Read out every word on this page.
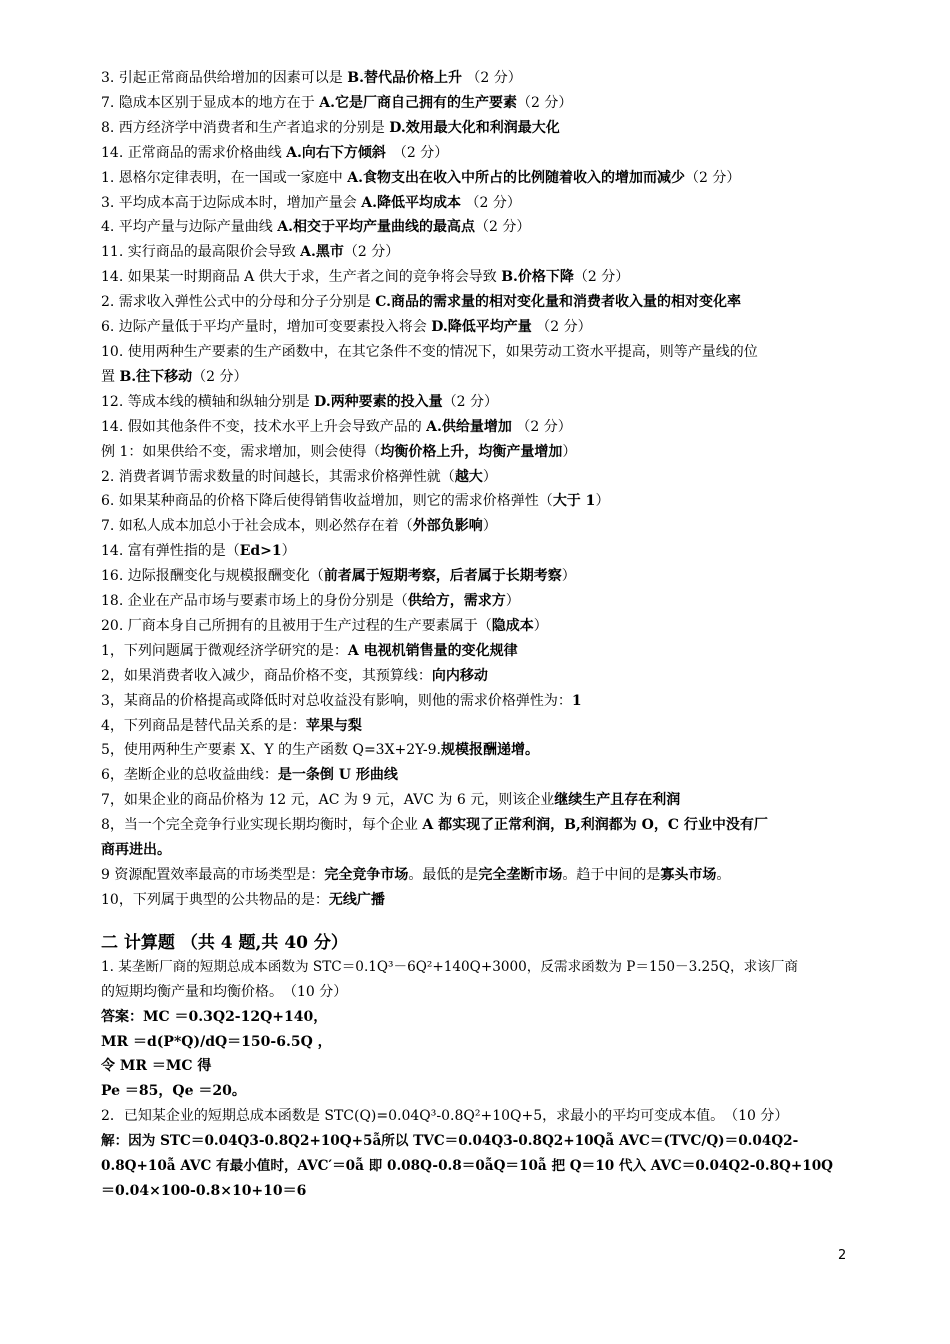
3. 引起正常商品供给增加的因素可以是 B.替代品价格上升 （2 分）
7. 隐成本区别于显成本的地方在于 A.它是厂商自己拥有的生产要素（2 分）
8. 西方经济学中消费者和生产者追求的分别是 D.效用最大化和利润最大化
14. 正常商品的需求价格曲线 A.向右下方倾斜　（2 分）
1. 恩格尔定律表明，在一国或一家庭中 A.食物支出在收入中所占的比例随着收入的增加而减少（2 分）
3. 平均成本高于边际成本时，增加产量会 A.降低平均成本 （2 分）
4. 平均产量与边际产量曲线 A.相交于平均产量曲线的最高点（2 分）
11. 实行商品的最高限价会导致 A.黑市（2 分）
14. 如果某一时期商品 A 供大于求，生产者之间的竞争将会导致 B.价格下降（2 分）
2. 需求收入弹性公式中的分母和分子分别是 C.商品的需求量的相对变化量和消费者收入量的相对变化率
6. 边际产量低于平均产量时，增加可变要素投入将会 D.降低平均产量 （2 分）
10. 使用两种生产要素的生产函数中，在其它条件不变的情况下，如果劳动工资水平提高，则等产量线的位
置 B.往下移动（2 分）
12. 等成本线的横轴和纵轴分别是 D.两种要素的投入量（2 分）
14. 假如其他条件不变，技术水平上升会导致产品的 A.供给量增加 （2 分）
例 1：如果供给不变，需求增加，则会使得（均衡价格上升，均衡产量增加）
2. 消费者调节需求数量的时间越长，其需求价格弹性就（越大）
6. 如果某种商品的价格下降后使得销售收益增加，则它的需求价格弹性（大于 1）
7. 如私人成本加总小于社会成本，则必然存在着（外部负影响）
14. 富有弹性指的是（Ed>1）
16. 边际报酬变化与规模报酬变化（前者属于短期考察，后者属于长期考察）
18. 企业在产品市场与要素市场上的身份分别是（供给方，需求方）
20. 厂商本身自己所拥有的且被用于生产过程的生产要素属于（隐成本）
1，下列问题属于微观经济学研究的是：A 电视机销售量的变化规律
2，如果消费者收入减少，商品价格不变，其预算线：向内移动
3，某商品的价格提高或降低时对总收益没有影响，则他的需求价格弹性为：1
4，下列商品是替代品关系的是：苹果与梨
5，使用两种生产要素 X、Y 的生产函数 Q=3X+2Y-9.规模报酬递增。
6，垄断企业的总收益曲线：是一条倒 U 形曲线
7，如果企业的商品价格为 12 元，AC 为 9 元，AVC 为 6 元，则该企业继续生产且存在利润
8，当一个完全竞争行业实现长期均衡时，每个企业 A 都实现了正常利润，B,利润都为 O，C 行业中没有厂
商再进出。
9 资源配置效率最高的市场类型是：完全竞争市场。最低的是完全垄断市场。趋于中间的是寡头市场。
10，下列属于典型的公共物品的是：无线广播
二 计算题 （共 4 题,共 40 分）
1. 某垄断厂商的短期总成本函数为 STC＝0.1Q³－6Q²+140Q+3000，反需求函数为 P＝150－3.25Q，求该厂商
的短期均衡产量和均衡价格。　（10 分）
答案：MC ＝0.3Q2-12Q+140，
MR ＝d(P*Q)/dQ＝150-6.5Q ，
令 MR ＝MC 得
Pe ＝85，Qe ＝20。
2．已知某企业的短期总成本函数是 STC(Q)=0.04Q³-0.8Q²+10Q+5，求最小的平均可变成本值。　（10 分）
解：因为 STC＝0.04Q3-0.8Q2+10Q+5ẫ所以 TVC＝0.04Q3-0.8Q2+10Qẫ AVC＝(TVC/Q)＝0.04Q2-
0.8Q+10ẫ AVC 有最小值时，AVC′＝0ẫ 即 0.08Q-0.8＝0ẫQ＝10ẫ 把 Q＝10 代入 AVC＝0.04Q2-0.8Q+10Q
＝0.04×100-0.8×10+10＝6
2
